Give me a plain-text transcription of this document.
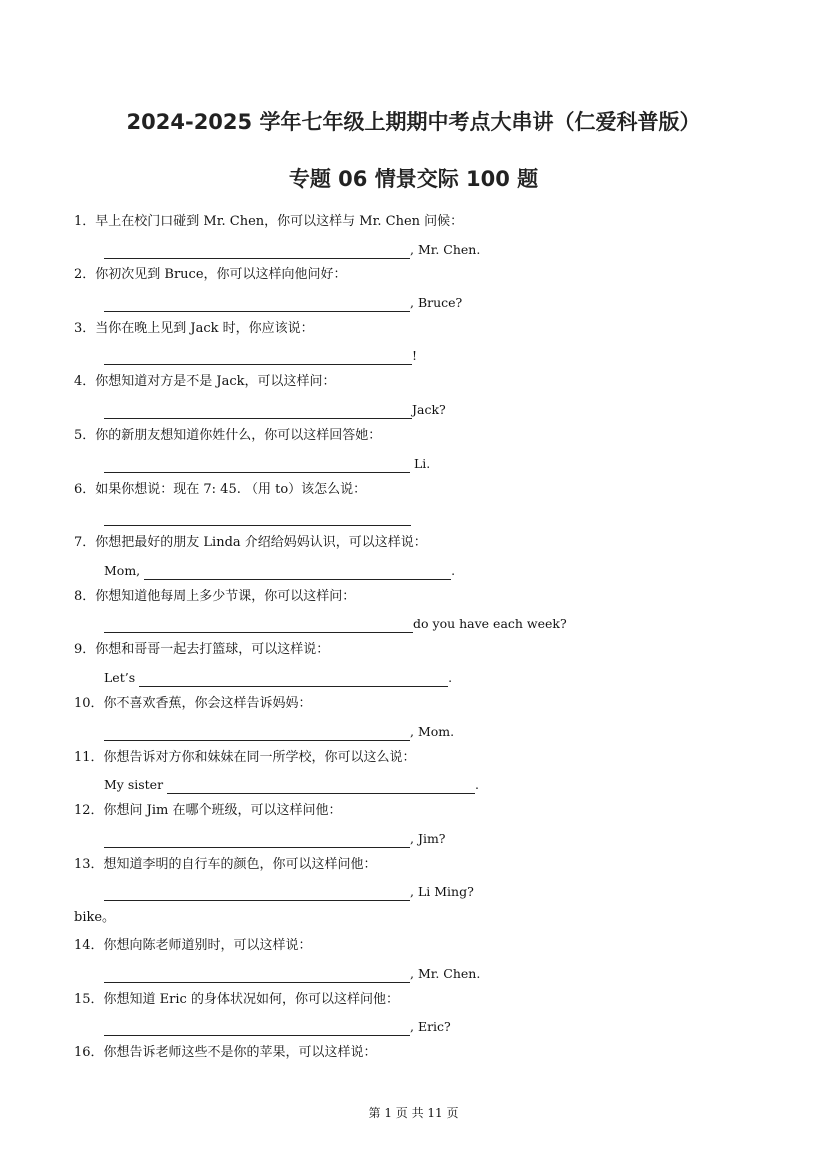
2024-2025 学年七年级上期期中考点大串讲（仁爱科普版）
专题 06 情景交际 100 题
1．早上在校门口碰到 Mr. Chen，你可以这样与 Mr. Chen 问候：
, Mr. Chen.
2．你初次见到 Bruce，你可以这样向他问好：
, Bruce?
3．当你在晚上见到 Jack 时，你应该说：
!
4．你想知道对方是不是 Jack，可以这样问：
Jack?
5．你的新朋友想知道你姓什么，你可以这样回答她：
Li.
6．如果你想说：现在 7: 45. （用 to）该怎么说：
7．你想把最好的朋友 Linda 介绍给妈妈认识，可以这样说：
Mom,	.
8．你想知道他每周上多少节课，你可以这样问：
do you have each week?
9．你想和哥哥一起去打篮球，可以这样说：
Let’s	.
10．你不喜欢香蕉，你会这样告诉妈妈：
, Mom.
11．你想告诉对方你和妹妹在同一所学校，你可以这么说：
My sister	.
12．你想问 Jim 在哪个班级，可以这样问他：
, Jim?
13．想知道李明的自行车的颜色，你可以这样问他：
, Li Ming?
bike。
14．你想向陈老师道别时，可以这样说：
, Mr. Chen.
15．你想知道 Eric 的身体状况如何，你可以这样问他：
, Eric?
16．你想告诉老师这些不是你的苹果，可以这样说：
第 1 页 共 11 页
